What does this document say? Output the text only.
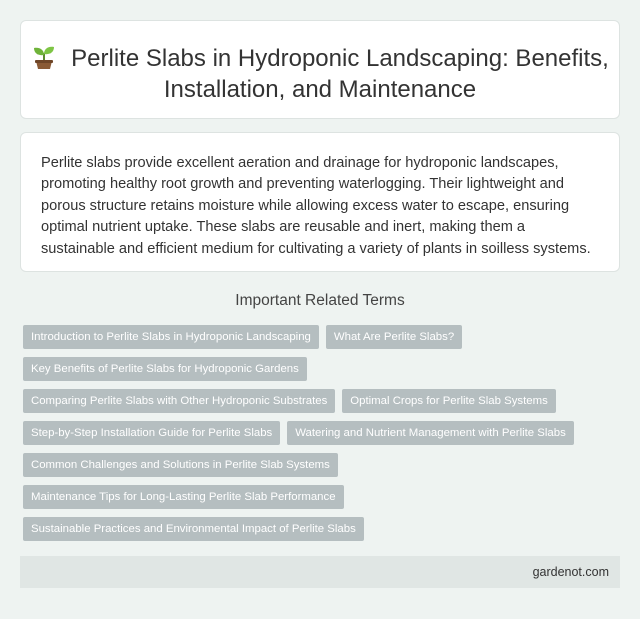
Perlite Slabs in Hydroponic Landscaping: Benefits, Installation, and Maintenance

Perlite slabs provide excellent aeration and drainage for hydroponic landscapes, promoting healthy root growth and preventing waterlogging. Their lightweight and porous structure retains moisture while allowing excess water to escape, ensuring optimal nutrient uptake. These slabs are reusable and inert, making them a sustainable and efficient medium for cultivating a variety of plants in soilless systems.

Important Related Terms
Introduction to Perlite Slabs in Hydroponic Landscaping	What Are Perlite Slabs?
Key Benefits of Perlite Slabs for Hydroponic Gardens
Comparing Perlite Slabs with Other Hydroponic Substrates	Optimal Crops for Perlite Slab Systems
Step-by-Step Installation Guide for Perlite Slabs	Watering and Nutrient Management with Perlite Slabs
Common Challenges and Solutions in Perlite Slab Systems
Maintenance Tips for Long-Lasting Perlite Slab Performance
Sustainable Practices and Environmental Impact of Perlite Slabs
gardenot.com
